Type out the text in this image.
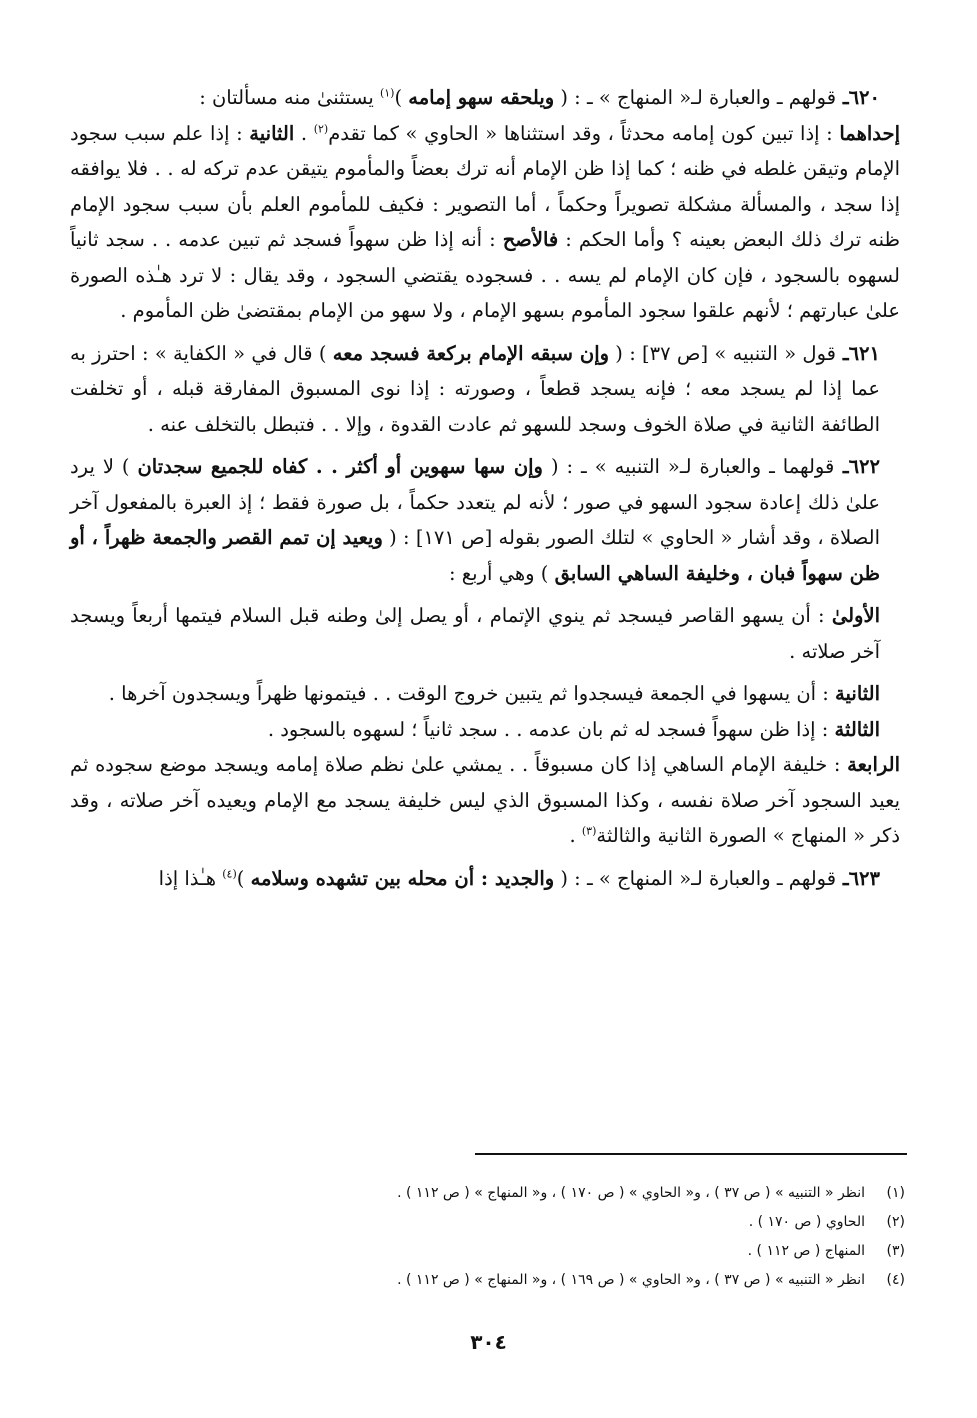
٦٢٠ـ قولهم ـ والعبارة لـ« المنهاج » ـ : ( ويلحقه سهو إمامه )$^{(١)}$ يستثنىٰ منه مسألتان :

إحداهما : إذا تبين كون إمامه محدثاً ، وقد استثناها « الحاوي » كما تقدم$^{(٢)}$ . الثانية : إذا علم سبب سجود الإمام وتيقن غلطه في ظنه ؛ كما إذا ظن الإمام أنه ترك بعضاً والمأموم يتيقن عدم تركه له . . فلا يوافقه إذا سجد ، والمسألة مشكلة تصويراً وحكماً ، أما التصوير : فكيف للمأموم العلم بأن سبب سجود الإمام ظنه ترك ذلك البعض بعينه ؟ وأما الحكم : فالأصح : أنه إذا ظن سهواً فسجد ثم تبين عدمه . . سجد ثانياً لسهوه بالسجود ، فإن كان الإمام لم يسه . . فسجوده يقتضي السجود ، وقد يقال : لا ترد هـٰذه الصورة علىٰ عبارتهم ؛ لأنهم علقوا سجود المأموم بسهو الإمام ، ولا سهو من الإمام بمقتضىٰ ظن المأموم .

٦٢١ـ قول « التنبيه » [ص ٣٧] : ( وإن سبقه الإمام بركعة فسجد معه ) قال في « الكفاية » : احترز به عما إذا لم يسجد معه ؛ فإنه يسجد قطعاً ، وصورته : إذا نوى المسبوق المفارقة قبله ، أو تخلفت الطائفة الثانية في صلاة الخوف وسجد للسهو ثم عادت القدوة ، وإلا . . فتبطل بالتخلف عنه .

٦٢٢ـ قولهما ـ والعبارة لـ« التنبيه » ـ : ( وإن سها سهوين أو أكثر . . كفاه للجميع سجدتان ) لا يرد علىٰ ذلك إعادة سجود السهو في صور ؛ لأنه لم يتعدد حكماً ، بل صورة فقط ؛ إذ العبرة بالمفعول آخر الصلاة ، وقد أشار « الحاوي » لتلك الصور بقوله [ص ١٧١] : ( ويعيد إن تمم القصر والجمعة ظهراً ، أو ظن سهواً فبان ، وخليفة الساهي السابق ) وهي أربع :

الأولىٰ : أن يسهو القاصر فيسجد ثم ينوي الإتمام ، أو يصل إلىٰ وطنه قبل السلام فيتمها أربعاً ويسجد آخر صلاته .

الثانية : أن يسهوا في الجمعة فيسجدوا ثم يتبين خروج الوقت . . فيتمونها ظهراً ويسجدون آخرها .

الثالثة : إذا ظن سهواً فسجد له ثم بان عدمه . . سجد ثانياً ؛ لسهوه بالسجود .

الرابعة : خليفة الإمام الساهي إذا كان مسبوقاً . . يمشي علىٰ نظم صلاة إمامه ويسجد موضع سجوده ثم يعيد السجود آخر صلاة نفسه ، وكذا المسبوق الذي ليس خليفة يسجد مع الإمام ويعيده آخر صلاته ، وقد ذكر « المنهاج » الصورة الثانية والثالثة$^{(٣)}$ .

٦٢٣ـ قولهم ـ والعبارة لـ« المنهاج » ـ : ( والجديد : أن محله بين تشهده وسلامه )$^{(٤)}$ هـٰذا إذا

(١)
انظر « التنبيه » ( ص ٣٧ ) ، و« الحاوي » ( ص ١٧٠ ) ، و« المنهاج » ( ص ١١٢ ) .
(٢)
الحاوي ( ص ١٧٠ ) .
(٣)
المنهاج ( ص ١١٢ ) .
(٤)
انظر « التنبيه » ( ص ٣٧ ) ، و« الحاوي » ( ص ١٦٩ ) ، و« المنهاج » ( ص ١١٢ ) .
٣٠٤
